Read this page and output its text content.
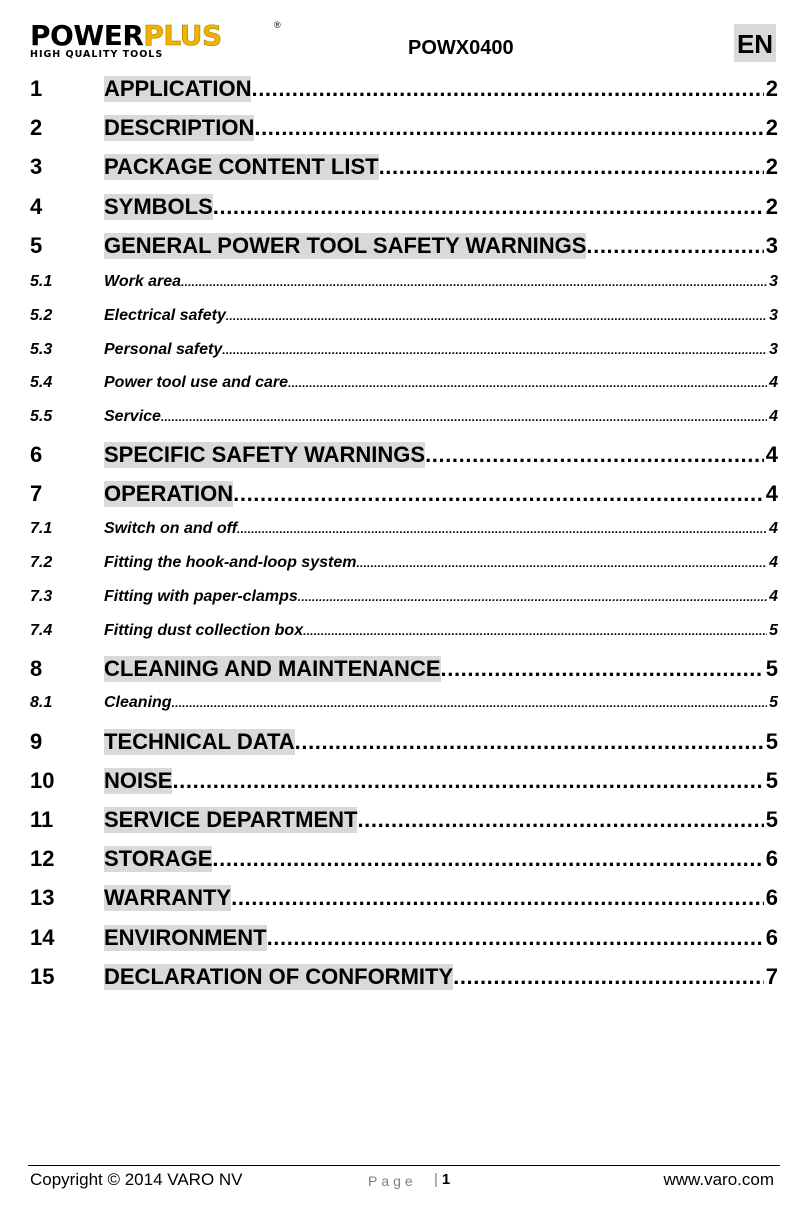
POWERPLUS	®
HIGH QUALITY TOOLS	POWX0400	EN
1	APPLICATION .....	2
2	DESCRIPTION .....	2
3	PACKAGE CONTENT LIST .....	2
4	SYMBOLS .....	2
5	GENERAL POWER TOOL SAFETY WARNINGS .....	3
5.1	Work area .....	3
5.2	Electrical safety .....	3
5.3	Personal safety .....	3
5.4	Power tool use and care .....	4
5.5	Service .....	4
6	SPECIFIC SAFETY WARNINGS .....	4
7	OPERATION .....	4
7.1	Switch on and off .....	4
7.2	Fitting the hook-and-loop system .....	4
7.3	Fitting with paper-clamps .....	4
7.4	Fitting dust collection box .....	5
8	CLEANING AND MAINTENANCE .....	5
8.1	Cleaning .....	5
9	TECHNICAL DATA .....	5
10	NOISE .....	5
11	SERVICE DEPARTMENT .....	5
12	STORAGE .....	6
13	WARRANTY .....	6
14	ENVIRONMENT .....	6
15	DECLARATION OF CONFORMITY .....	7
Copyright © 2014 VARO NV	Page | 1	www.varo.com
